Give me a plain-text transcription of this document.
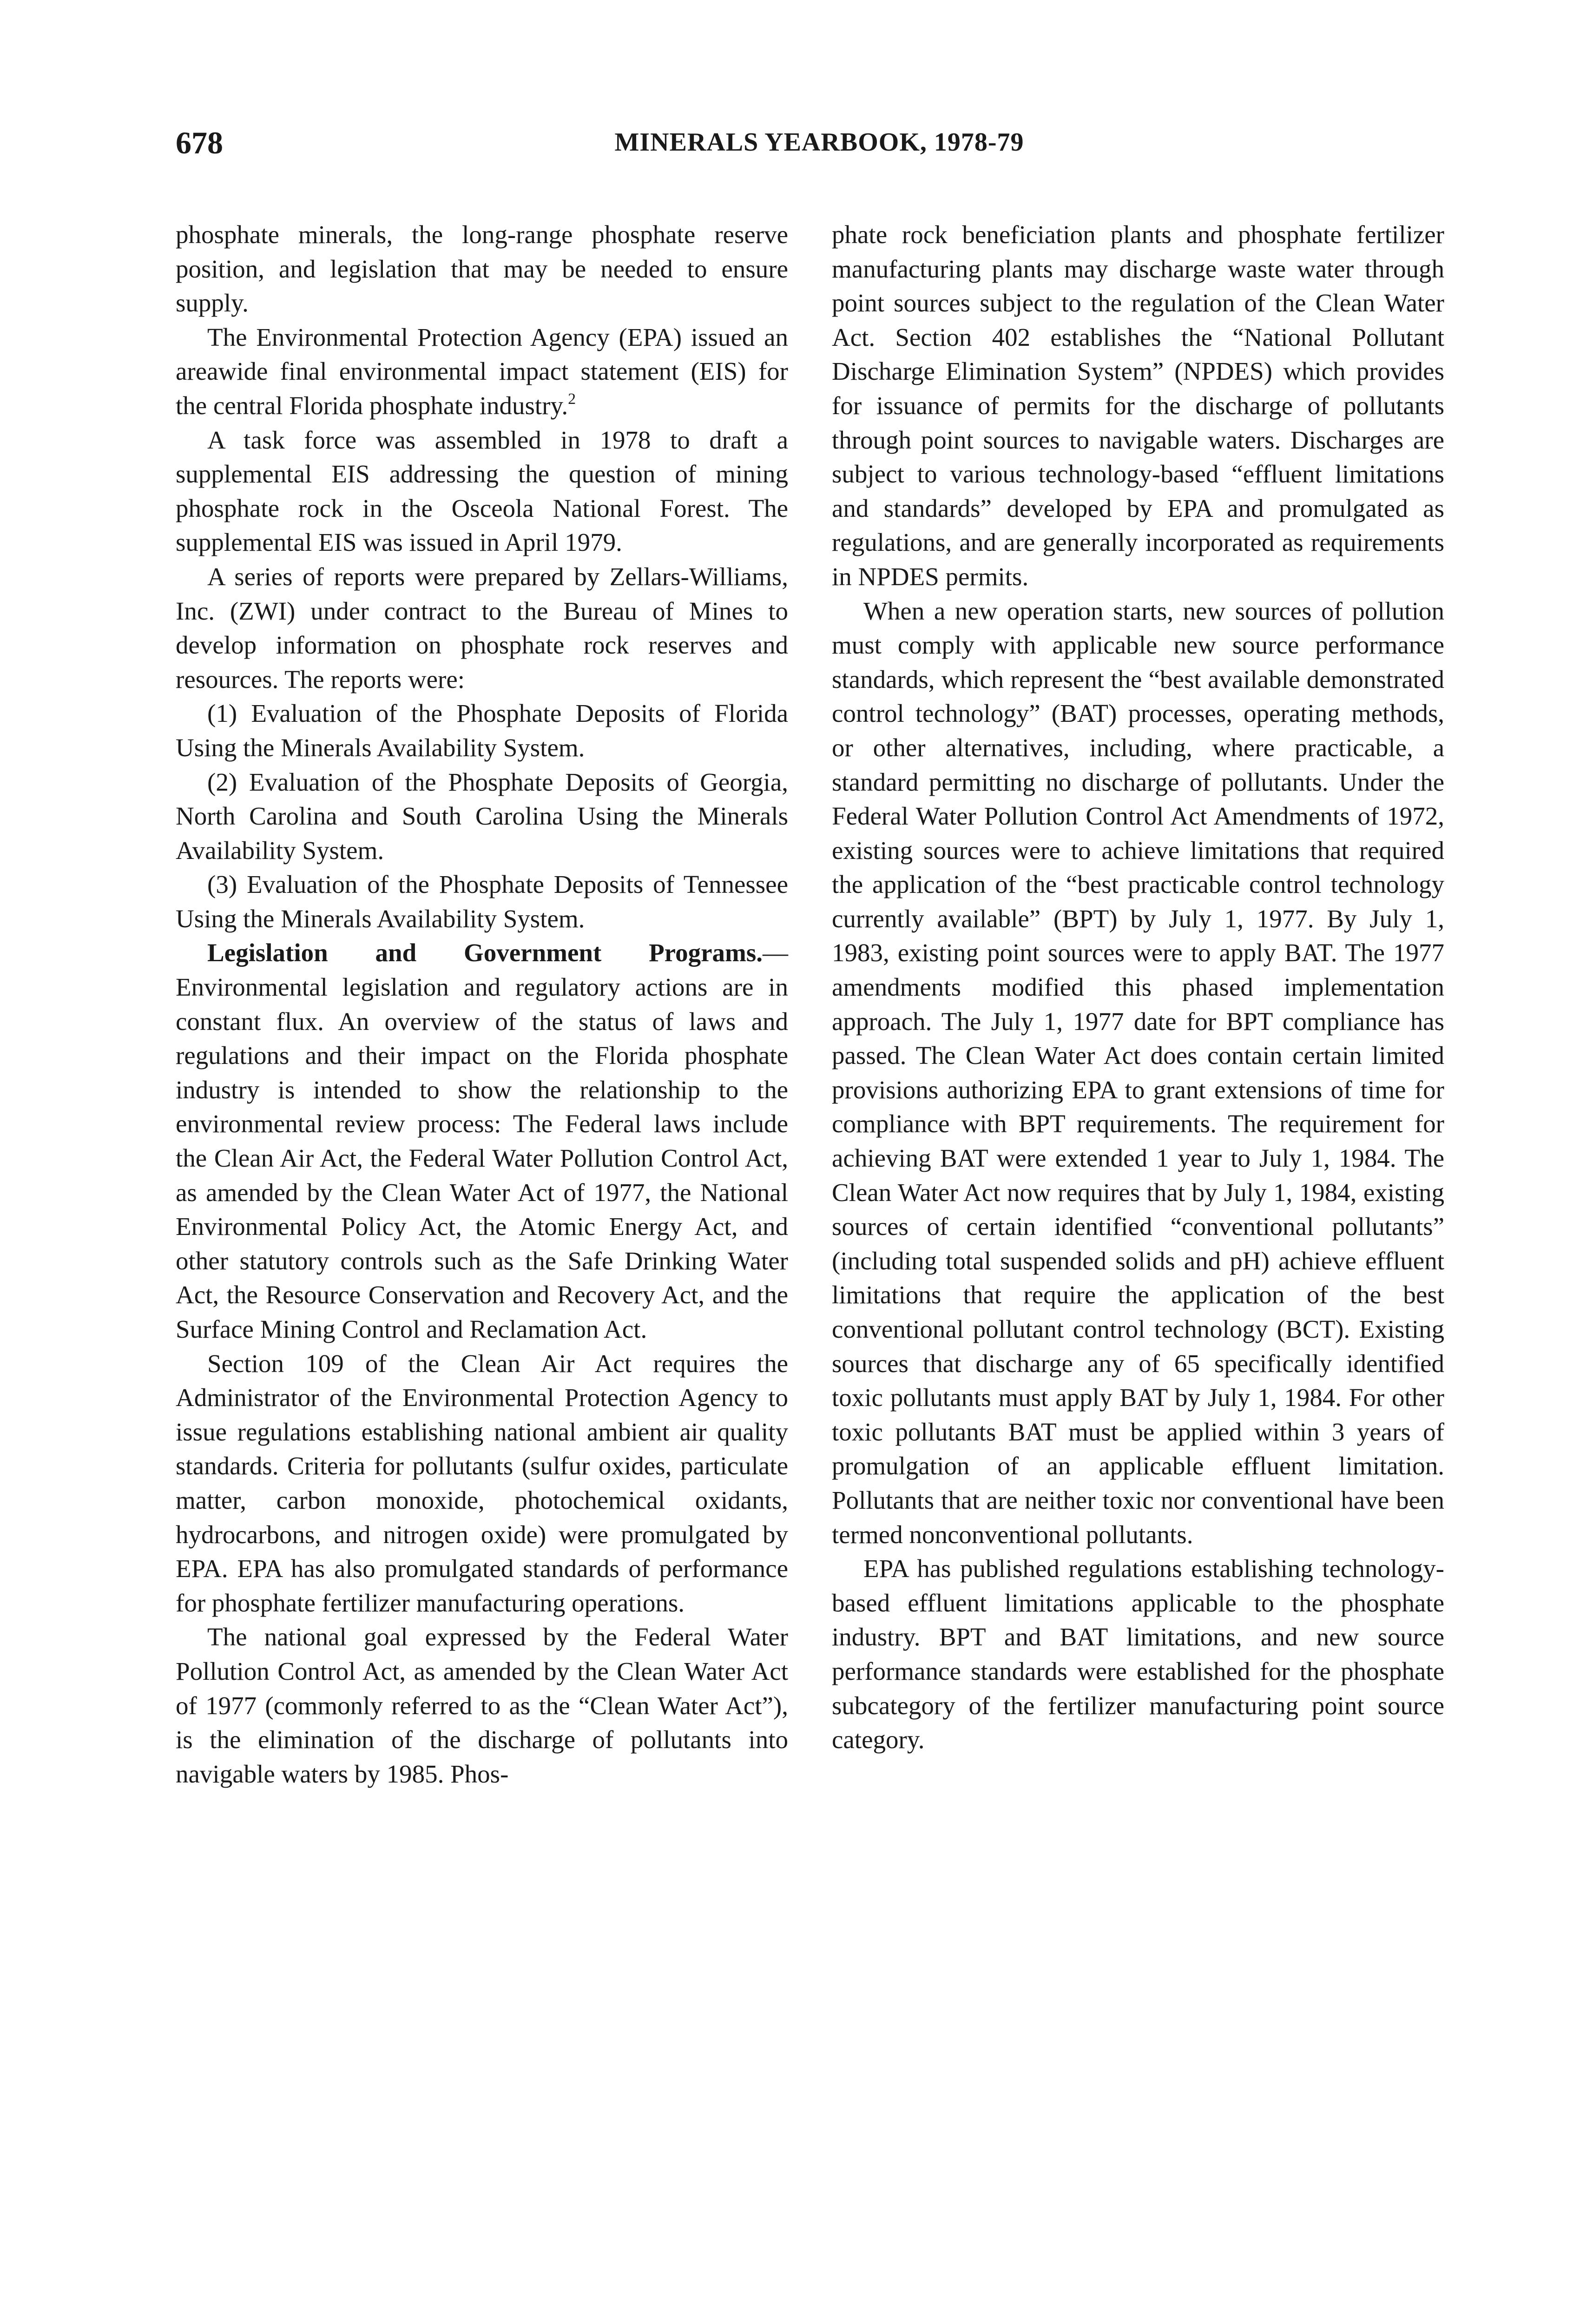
678	MINERALS YEARBOOK, 1978-79

phosphate minerals, the long-range phosphate reserve position, and legislation that may be needed to ensure supply.

The Environmental Protection Agency (EPA) issued an areawide final environmental impact statement (EIS) for the central Florida phosphate industry.$^2$

A task force was assembled in 1978 to draft a supplemental EIS addressing the question of mining phosphate rock in the Osceola National Forest. The supplemental EIS was issued in April 1979.

A series of reports were prepared by Zellars-Williams, Inc. (ZWI) under contract to the Bureau of Mines to develop information on phosphate rock reserves and resources. The reports were:

(1) Evaluation of the Phosphate Deposits of Florida Using the Minerals Availability System.

(2) Evaluation of the Phosphate Deposits of Georgia, North Carolina and South Carolina Using the Minerals Availability System.

(3) Evaluation of the Phosphate Deposits of Tennessee Using the Minerals Availability System.

Legislation and Government Programs.—Environmental legislation and regulatory actions are in constant flux. An overview of the status of laws and regulations and their impact on the Florida phosphate industry is intended to show the relationship to the environmental review process: The Federal laws include the Clean Air Act, the Federal Water Pollution Control Act, as amended by the Clean Water Act of 1977, the National Environmental Policy Act, the Atomic Energy Act, and other statutory controls such as the Safe Drinking Water Act, the Resource Conservation and Recovery Act, and the Surface Mining Control and Reclamation Act.

Section 109 of the Clean Air Act requires the Administrator of the Environmental Protection Agency to issue regulations establishing national ambient air quality standards. Criteria for pollutants (sulfur oxides, particulate matter, carbon monoxide, photochemical oxidants, hydrocarbons, and nitrogen oxide) were promulgated by EPA. EPA has also promulgated standards of performance for phosphate fertilizer manufacturing operations.

The national goal expressed by the Federal Water Pollution Control Act, as amended by the Clean Water Act of 1977 (commonly referred to as the “Clean Water Act”), is the elimination of the discharge of pollutants into navigable waters by 1985. Phos-

phate rock beneficiation plants and phosphate fertilizer manufacturing plants may discharge waste water through point sources subject to the regulation of the Clean Water Act. Section 402 establishes the “National Pollutant Discharge Elimination System” (NPDES) which provides for issuance of permits for the discharge of pollutants through point sources to navigable waters. Discharges are subject to various technology-based “effluent limitations and standards” developed by EPA and promulgated as regulations, and are generally incorporated as requirements in NPDES permits.

When a new operation starts, new sources of pollution must comply with applicable new source performance standards, which represent the “best available demonstrated control technology” (BAT) processes, operating methods, or other alternatives, including, where practicable, a standard permitting no discharge of pollutants. Under the Federal Water Pollution Control Act Amendments of 1972, existing sources were to achieve limitations that required the application of the “best practicable control technology currently available” (BPT) by July 1, 1977. By July 1, 1983, existing point sources were to apply BAT. The 1977 amendments modified this phased implementation approach. The July 1, 1977 date for BPT compliance has passed. The Clean Water Act does contain certain limited provisions authorizing EPA to grant extensions of time for compliance with BPT requirements. The requirement for achieving BAT were extended 1 year to July 1, 1984. The Clean Water Act now requires that by July 1, 1984, existing sources of certain identified “conventional pollutants” (including total suspended solids and pH) achieve effluent limitations that require the application of the best conventional pollutant control technology (BCT). Existing sources that discharge any of 65 specifically identified toxic pollutants must apply BAT by July 1, 1984. For other toxic pollutants BAT must be applied within 3 years of promulgation of an applicable effluent limitation. Pollutants that are neither toxic nor conventional have been termed nonconventional pollutants.

EPA has published regulations establishing technology-based effluent limitations applicable to the phosphate industry. BPT and BAT limitations, and new source performance standards were established for the phosphate subcategory of the fertilizer manufacturing point source category.
